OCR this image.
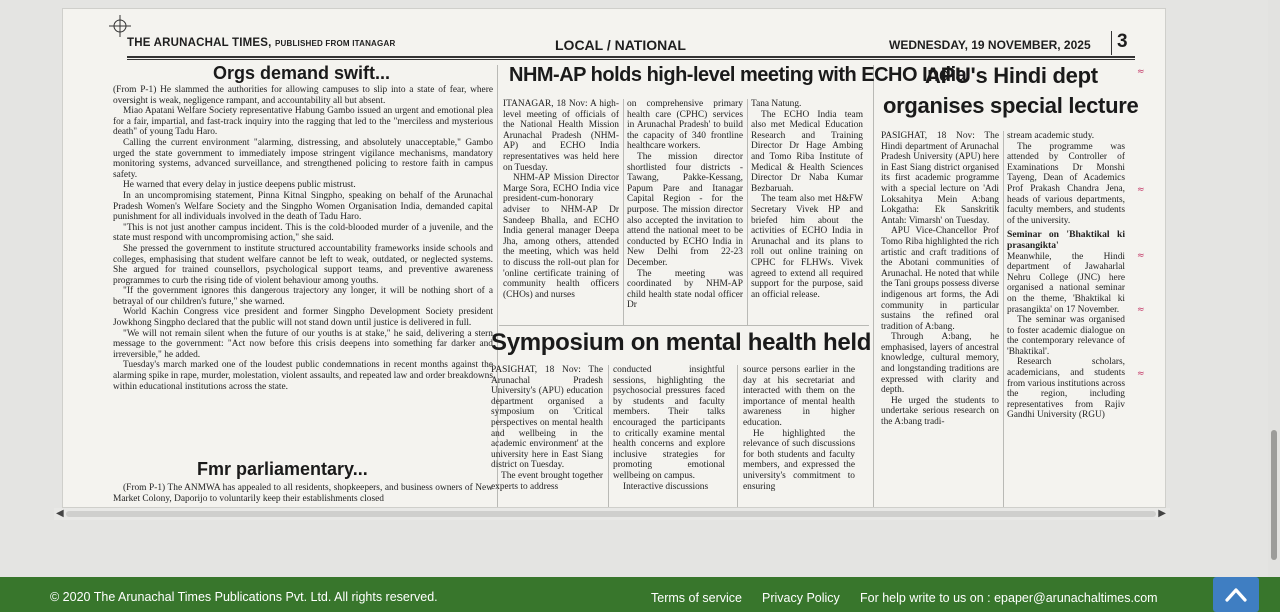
THE ARUNACHAL TIMES, PUBLISHED FROM ITANAGAR	LOCAL / NATIONAL	WEDNESDAY, 19 NOVEMBER, 2025	3
Orgs demand swift...

(From P-1) He slammed the authorities for allowing campuses to slip into a state of fear, where oversight is weak, negligence rampant, and accountability all but absent.

Miao Apatani Welfare Society representative Habung Gambo issued an urgent and emotional plea for a fair, impartial, and fast-track inquiry into the ragging that led to the "merciless and mysterious death" of young Tadu Haro.

Calling the current environment "alarming, distressing, and absolutely unacceptable," Gambo urged the state government to immediately impose stringent vigilance mechanisms, mandatory monitoring systems, advanced surveillance, and strengthened policing to restore faith in campus safety.

He warned that every delay in justice deepens public mistrust.

In an uncompromising statement, Pinna Kitnal Singpho, speaking on behalf of the Arunachal Pradesh Women's Welfare Society and the Singpho Women Organisation India, demanded capital punishment for all individuals involved in the death of Tadu Haro.

"This is not just another campus incident. This is the cold-blooded murder of a juvenile, and the state must respond with uncompromising action," she said.

She pressed the government to institute structured accountability frameworks inside schools and colleges, emphasising that student welfare cannot be left to weak, outdated, or neglected systems. She argued for trained counsellors, psychological support teams, and preventive awareness programmes to curb the rising tide of violent behaviour among youths.

"If the government ignores this dangerous trajectory any longer, it will be nothing short of a betrayal of our children's future," she warned.

World Kachin Congress vice president and former Singpho Development Society president Jowkhong Singpho declared that the public will not stand down until justice is delivered in full.

"We will not remain silent when the future of our youths is at stake," he said, delivering a stern message to the government: "Act now before this crisis deepens into something far darker and irreversible," he added.

Tuesday's march marked one of the loudest public condemnations in recent months against the alarming spike in rape, murder, molestation, violent assaults, and repeated law and order breakdowns within educational institutions across the state.

Fmr parliamentary...

(From P-1) The ANMWA has appealed to all residents, shopkeepers, and business owners of New Market Colony, Daporijo to voluntarily keep their establishments closed

NHM-AP holds high-level meeting with ECHO India

ITANAGAR, 18 Nov: A high-level meeting of officials of the National Health Mission Arunachal Pradesh (NHM-AP) and ECHO India representatives was held here on Tuesday.

NHM-AP Mission Director Marge Sora, ECHO India vice president-cum-honorary adviser to NHM-AP Dr Sandeep Bhalla, and ECHO India general manager Deepa Jha, among others, attended the meeting, which was held to discuss the roll-out plan for 'online certificate training of community health officers (CHOs) and nurses

on comprehensive primary health care (CPHC) services in Arunachal Pradesh' to build the capacity of 340 frontline healthcare workers.

The mission director shortlisted four districts - Tawang, Pakke-Kessang, Papum Pare and Itanagar Capital Region - for the purpose. The mission director also accepted the invitation to attend the national meet to be conducted by ECHO India in New Delhi from 22-23 December.

The meeting was coordinated by NHM-AP child health state nodal officer Dr

Tana Natung.

The ECHO India team also met Medical Education Research and Training Director Dr Hage Ambing and Tomo Riba Institute of Medical & Health Sciences Director Dr Naba Kumar Bezbaruah.

The team also met H&FW Secretary Vivek HP and briefed him about the activities of ECHO India in Arunachal and its plans to roll out online training on CPHC for FLHWs. Vivek agreed to extend all required support for the purpose, said an official release.

Symposium on mental health held

PASIGHAT, 18 Nov: The Arunachal Pradesh University's (APU) education department organised a symposium on 'Critical perspectives on mental health and wellbeing in the academic environment' at the university here in East Siang district on Tuesday.

The event brought together experts to address

conducted insightful sessions, highlighting the psychosocial pressures faced by students and faculty members. Their talks encouraged the participants to critically examine mental health concerns and explore inclusive strategies for promoting emotional wellbeing on campus.

Interactive discussions

source persons earlier in the day at his secretariat and interacted with them on the importance of mental health awareness in higher education.

He highlighted the relevance of such discussions for both students and faculty members, and expressed the university's commitment to ensuring

APU's Hindi dept
organises special lecture

PASIGHAT, 18 Nov: The Hindi department of Arunachal Pradesh University (APU) here in East Siang district organised its first academic programme with a special lecture on 'Adi Loksahitya Mein A:bang Lokgatha: Ek Sanskritik Antah: Vimarsh' on Tuesday.

APU Vice-Chancellor Prof Tomo Riba highlighted the rich artistic and craft traditions of the Abotani communities of Arunachal. He noted that while the Tani groups possess diverse indigenous art forms, the Adi community in particular sustains the refined oral tradition of A:bang.

Through A:bang, he emphasised, layers of ancestral knowledge, cultural memory, and longstanding traditions are expressed with clarity and depth.

He urged the students to undertake serious research on the A:bang tradi-

stream academic study.

The programme was attended by Controller of Examinations Dr Monshi Tayeng, Dean of Academics Prof Prakash Chandra Jena, heads of various departments, faculty members, and students of the university.

Seminar on 'Bhaktikal ki prasangikta'

Meanwhile, the Hindi department of Jawaharlal Nehru College (JNC) here organised a national seminar on the theme, 'Bhaktikal ki prasangikta' on 17 November.

The seminar was organised to foster academic dialogue on the contemporary relevance of 'Bhaktikal'.

Research scholars, academicians, and students from various institutions across the region, including representatives from Rajiv Gandhi University (RGU)

≈
≈
≈
≈
≈
◀	▶
© 2020 The Arunachal Times Publications Pvt. Ltd. All rights reserved.	Terms of service Privacy Policy For help write to us on : epaper@arunachaltimes.com
